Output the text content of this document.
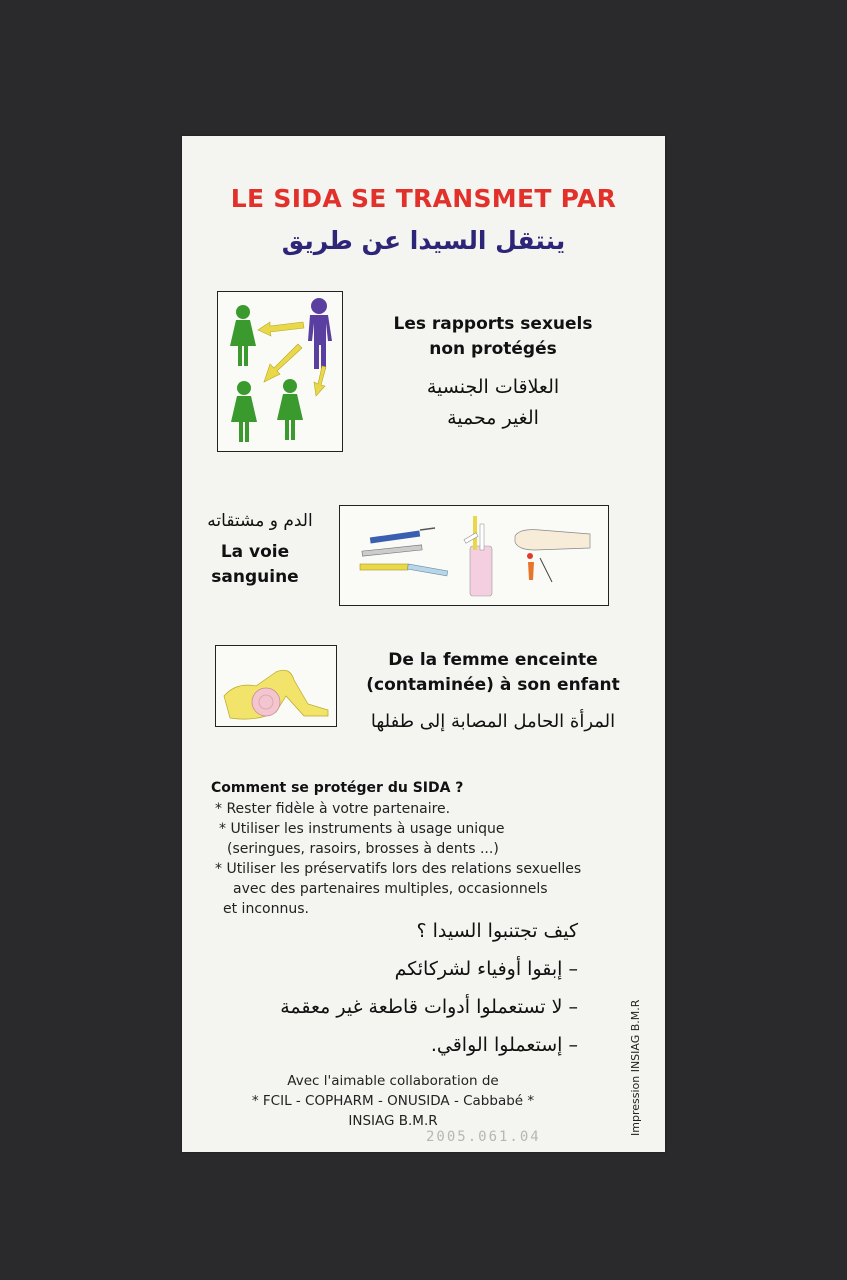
LE SIDA SE TRANSMET PAR
ينتقل السيدا عن طريق
Les rapports sexuels
non protégés
العلاقات الجنسية
الغير محمية
الدم و مشتقاته
La voie
sanguine
De la femme enceinte
(contaminée) à son enfant
المرأة الحامل المصابة إلى طفلها
Comment se protéger du SIDA ?
* Rester fidèle à votre partenaire.
* Utiliser les instruments à usage unique
(seringues, rasoirs, brosses à dents ...)
* Utiliser les préservatifs lors des relations sexuelles
avec des partenaires multiples, occasionnels
et inconnus.
كيف تجتنبوا السيدا ؟
– إبقوا أوفياء لشركائكم
– لا تستعملوا أدوات قاطعة غير معقمة
– إستعملوا الواقي.
Avec l'aimable collaboration de
* FCIL - COPHARM - ONUSIDA - Cabbabé *
INSIAG B.M.R
2005.061.04
Impression INSIAG B.M.R
